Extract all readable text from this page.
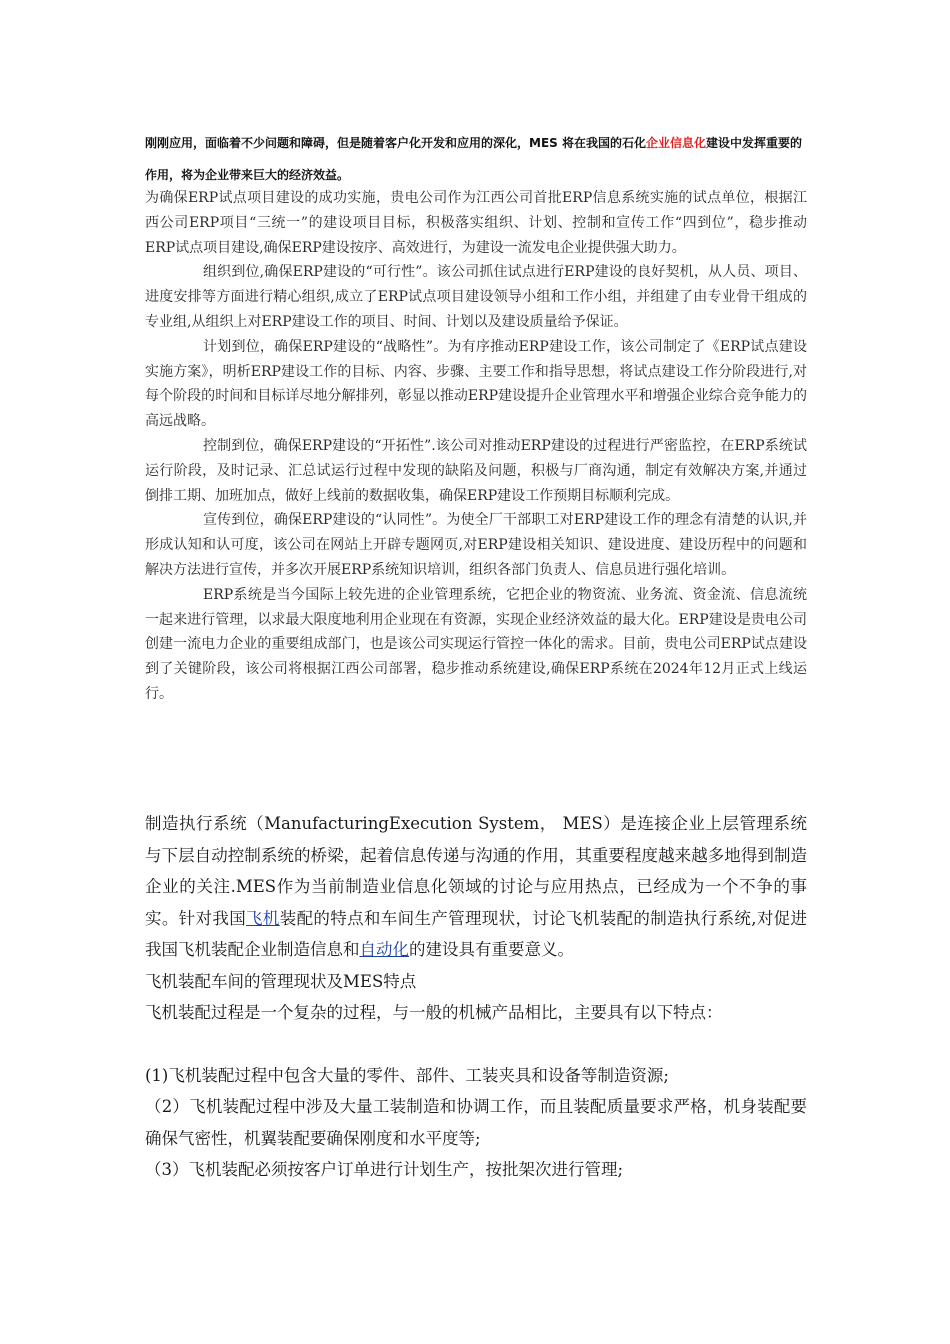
刚刚应用，面临着不少问题和障碍，但是随着客户化开发和应用的深化，MES 将在我国的石化企业信息化建设中发挥重要的作用，将为企业带来巨大的经济效益。

为确保ERP试点项目建设的成功实施，贵电公司作为江西公司首批ERP信息系统实施的试点单位，根据江西公司ERP项目“三统一”的建设项目目标，积极落实组织、计划、控制和宣传工作“四到位”，稳步推动ERP试点项目建设,确保ERP建设按序、高效进行，为建设一流发电企业提供强大助力。

组织到位,确保ERP建设的“可行性”。该公司抓住试点进行ERP建设的良好契机，从人员、项目、进度安排等方面进行精心组织,成立了ERP试点项目建设领导小组和工作小组，并组建了由专业骨干组成的专业组,从组织上对ERP建设工作的项目、时间、计划以及建设质量给予保证。

计划到位，确保ERP建设的“战略性”。为有序推动ERP建设工作，该公司制定了《ERP试点建设实施方案》，明析ERP建设工作的目标、内容、步骤、主要工作和指导思想，将试点建设工作分阶段进行,对每个阶段的时间和目标详尽地分解排列，彰显以推动ERP建设提升企业管理水平和增强企业综合竞争能力的高远战略。

控制到位，确保ERP建设的“开拓性”.该公司对推动ERP建设的过程进行严密监控，在ERP系统试运行阶段，及时记录、汇总试运行过程中发现的缺陷及问题，积极与厂商沟通，制定有效解决方案,并通过倒排工期、加班加点，做好上线前的数据收集，确保ERP建设工作预期目标顺利完成。

宣传到位，确保ERP建设的“认同性”。为使全厂干部职工对ERP建设工作的理念有清楚的认识,并形成认知和认可度，该公司在网站上开辟专题网页,对ERP建设相关知识、建设进度、建设历程中的问题和解决方法进行宣传，并多次开展ERP系统知识培训，组织各部门负责人、信息员进行强化培训。

ERP系统是当今国际上较先进的企业管理系统，它把企业的物资流、业务流、资金流、信息流统一起来进行管理，以求最大限度地利用企业现在有资源，实现企业经济效益的最大化。ERP建设是贵电公司创建一流电力企业的重要组成部门，也是该公司实现运行管控一体化的需求。目前，贵电公司ERP试点建设到了关键阶段，该公司将根据江西公司部署，稳步推动系统建设,确保ERP系统在2024年12月正式上线运行。

制造执行系统（ManufacturingExecution System， MES）是连接企业上层管理系统与下层自动控制系统的桥梁，起着信息传递与沟通的作用，其重要程度越来越多地得到制造企业的关注.MES作为当前制造业信息化领域的讨论与应用热点，已经成为一个不争的事实。针对我国飞机装配的特点和车间生产管理现状，讨论飞机装配的制造执行系统,对促进我国飞机装配企业制造信息和自动化的建设具有重要意义。

飞机装配车间的管理现状及MES特点

飞机装配过程是一个复杂的过程，与一般的机械产品相比，主要具有以下特点：

(1)飞机装配过程中包含大量的零件、部件、工装夹具和设备等制造资源;

（2）飞机装配过程中涉及大量工装制造和协调工作，而且装配质量要求严格，机身装配要确保气密性，机翼装配要确保刚度和水平度等;

（3）飞机装配必须按客户订单进行计划生产，按批架次进行管理;
